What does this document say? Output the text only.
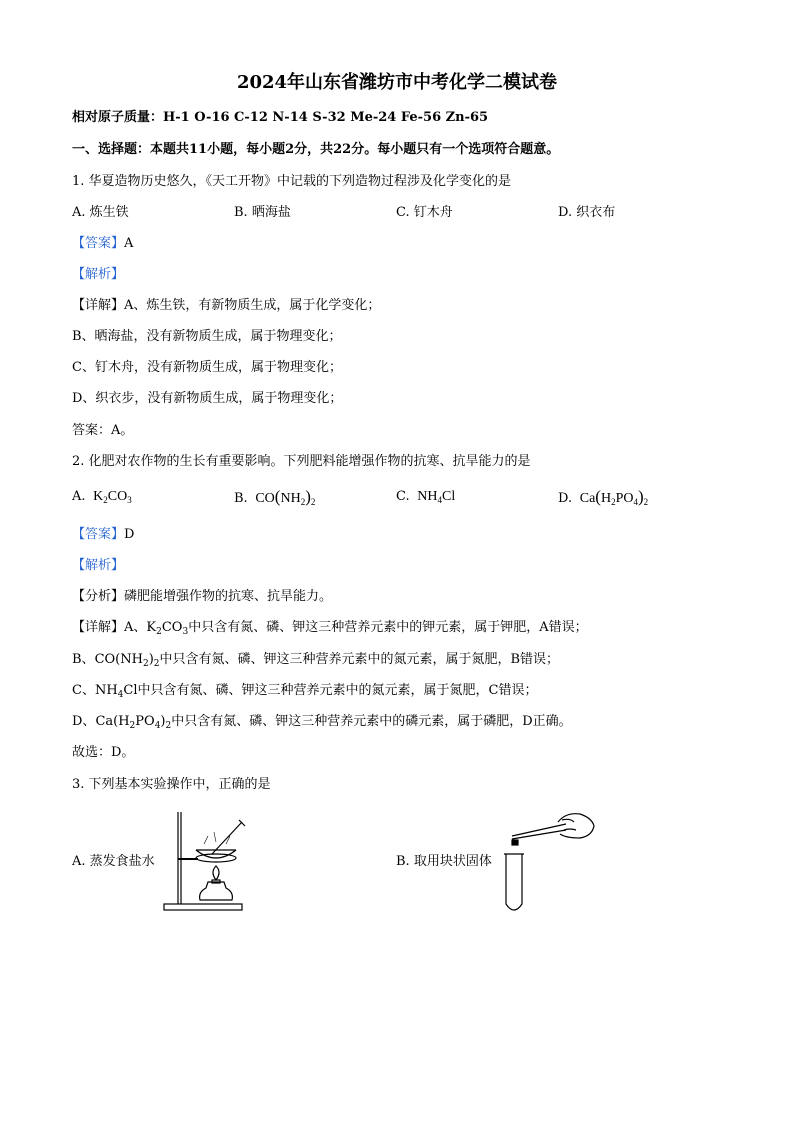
2024年山东省潍坊市中考化学二模试卷
相对原子质量：H-1 O-16 C-12 N-14 S-32 Me-24 Fe-56 Zn-65
一、选择题：本题共11小题，每小题2分，共22分。每小题只有一个选项符合题意。
1. 华夏造物历史悠久，《天工开物》中记载的下列造物过程涉及化学变化的是
A. 炼生铁	B. 晒海盐	C. 钉木舟	D. 织衣布
【答案】A
【解析】
【详解】A、炼生铁，有新物质生成，属于化学变化；
B、晒海盐，没有新物质生成，属于物理变化；
C、钉木舟，没有新物质生成，属于物理变化；
D、织衣步，没有新物质生成，属于物理变化；
答案：A。
2. 化肥对农作物的生长有重要影响。下列肥料能增强作物的抗寒、抗旱能力的是
A.  $K_2CO_3$	B.  $CO(NH_2)_2$	C.  $NH_4Cl$	D.  $Ca(H_2PO_4)_2$
【答案】D
【解析】
【分析】磷肥能增强作物的抗寒、抗旱能力。
【详解】A、$K_2CO_3$中只含有氮、磷、钾这三种营养元素中的钾元素，属于钾肥，A错误；
B、$CO(NH_2)_2$中只含有氮、磷、钾这三种营养元素中的氮元素，属于氮肥，B错误；
C、$NH_4Cl$中只含有氮、磷、钾这三种营养元素中的氮元素，属于氮肥，C错误；
D、$Ca(H_2PO_4)_2$中只含有氮、磷、钾这三种营养元素中的磷元素，属于磷肥，D正确。
故选：D。
3. 下列基本实验操作中，正确的是
A. 蒸发食盐水	B. 取用块状固体
